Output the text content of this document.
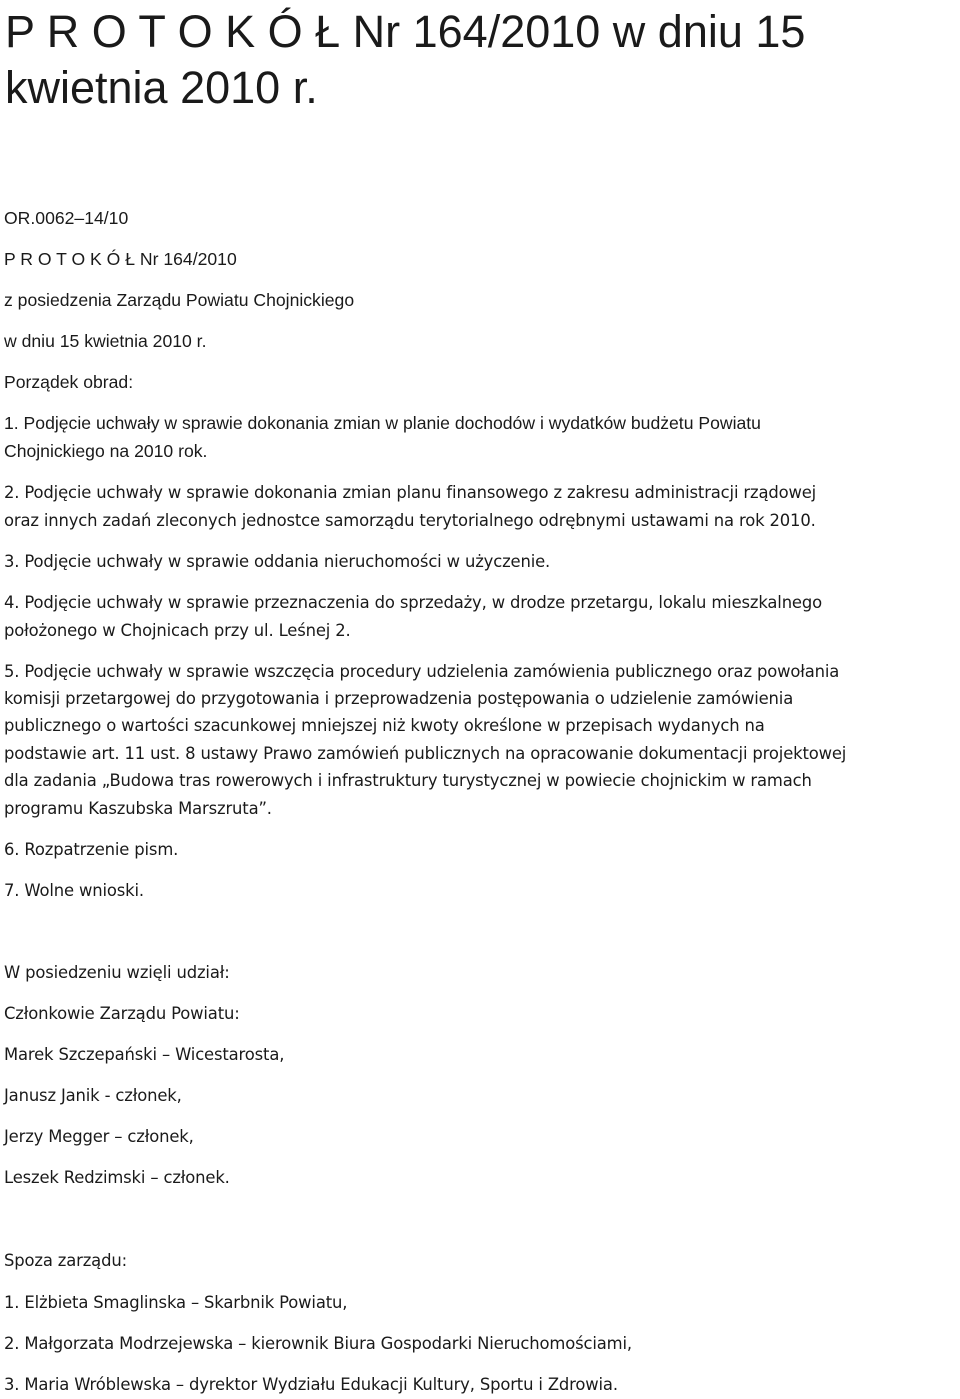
P R O T O K Ó Ł Nr 164/2010 w dniu 15 kwietnia 2010 r.

OR.0062–14/10

P R O T O K Ó Ł Nr 164/2010

z posiedzenia Zarządu Powiatu Chojnickiego

w dniu 15 kwietnia 2010 r.

Porządek obrad:

1. Podjęcie uchwały w sprawie dokonania zmian w planie dochodów i wydatków budżetu Powiatu

Chojnickiego na 2010 rok.

2. Podjęcie uchwały w sprawie dokonania zmian planu finansowego z zakresu administracji rządowej

oraz innych zadań zleconych jednostce samorządu terytorialnego odrębnymi ustawami na rok 2010.

3. Podjęcie uchwały w sprawie oddania nieruchomości w użyczenie.

4. Podjęcie uchwały w sprawie przeznaczenia do sprzedaży, w drodze przetargu, lokalu mieszkalnego

położonego w Chojnicach przy ul. Leśnej 2.

5. Podjęcie uchwały w sprawie wszczęcia procedury udzielenia zamówienia publicznego oraz powołania

komisji przetargowej do przygotowania i przeprowadzenia postępowania o udzielenie zamówienia

publicznego o wartości szacunkowej mniejszej niż kwoty określone w przepisach wydanych na

podstawie art. 11 ust. 8 ustawy Prawo zamówień publicznych na opracowanie dokumentacji projektowej

dla zadania „Budowa tras rowerowych i infrastruktury turystycznej w powiecie chojnickim w ramach

programu Kaszubska Marszruta”.

6. Rozpatrzenie pism.

7. Wolne wnioski.

W posiedzeniu wzięli udział:

Członkowie Zarządu Powiatu:

Marek Szczepański – Wicestarosta,

Janusz Janik - członek,

Jerzy Megger – członek,

Leszek Redzimski – członek.

Spoza zarządu:

1. Elżbieta Smaglinska – Skarbnik Powiatu,

2. Małgorzata Modrzejewska – kierownik Biura Gospodarki Nieruchomościami,

3. Maria Wróblewska – dyrektor Wydziału Edukacji Kultury, Sportu i Zdrowia.
